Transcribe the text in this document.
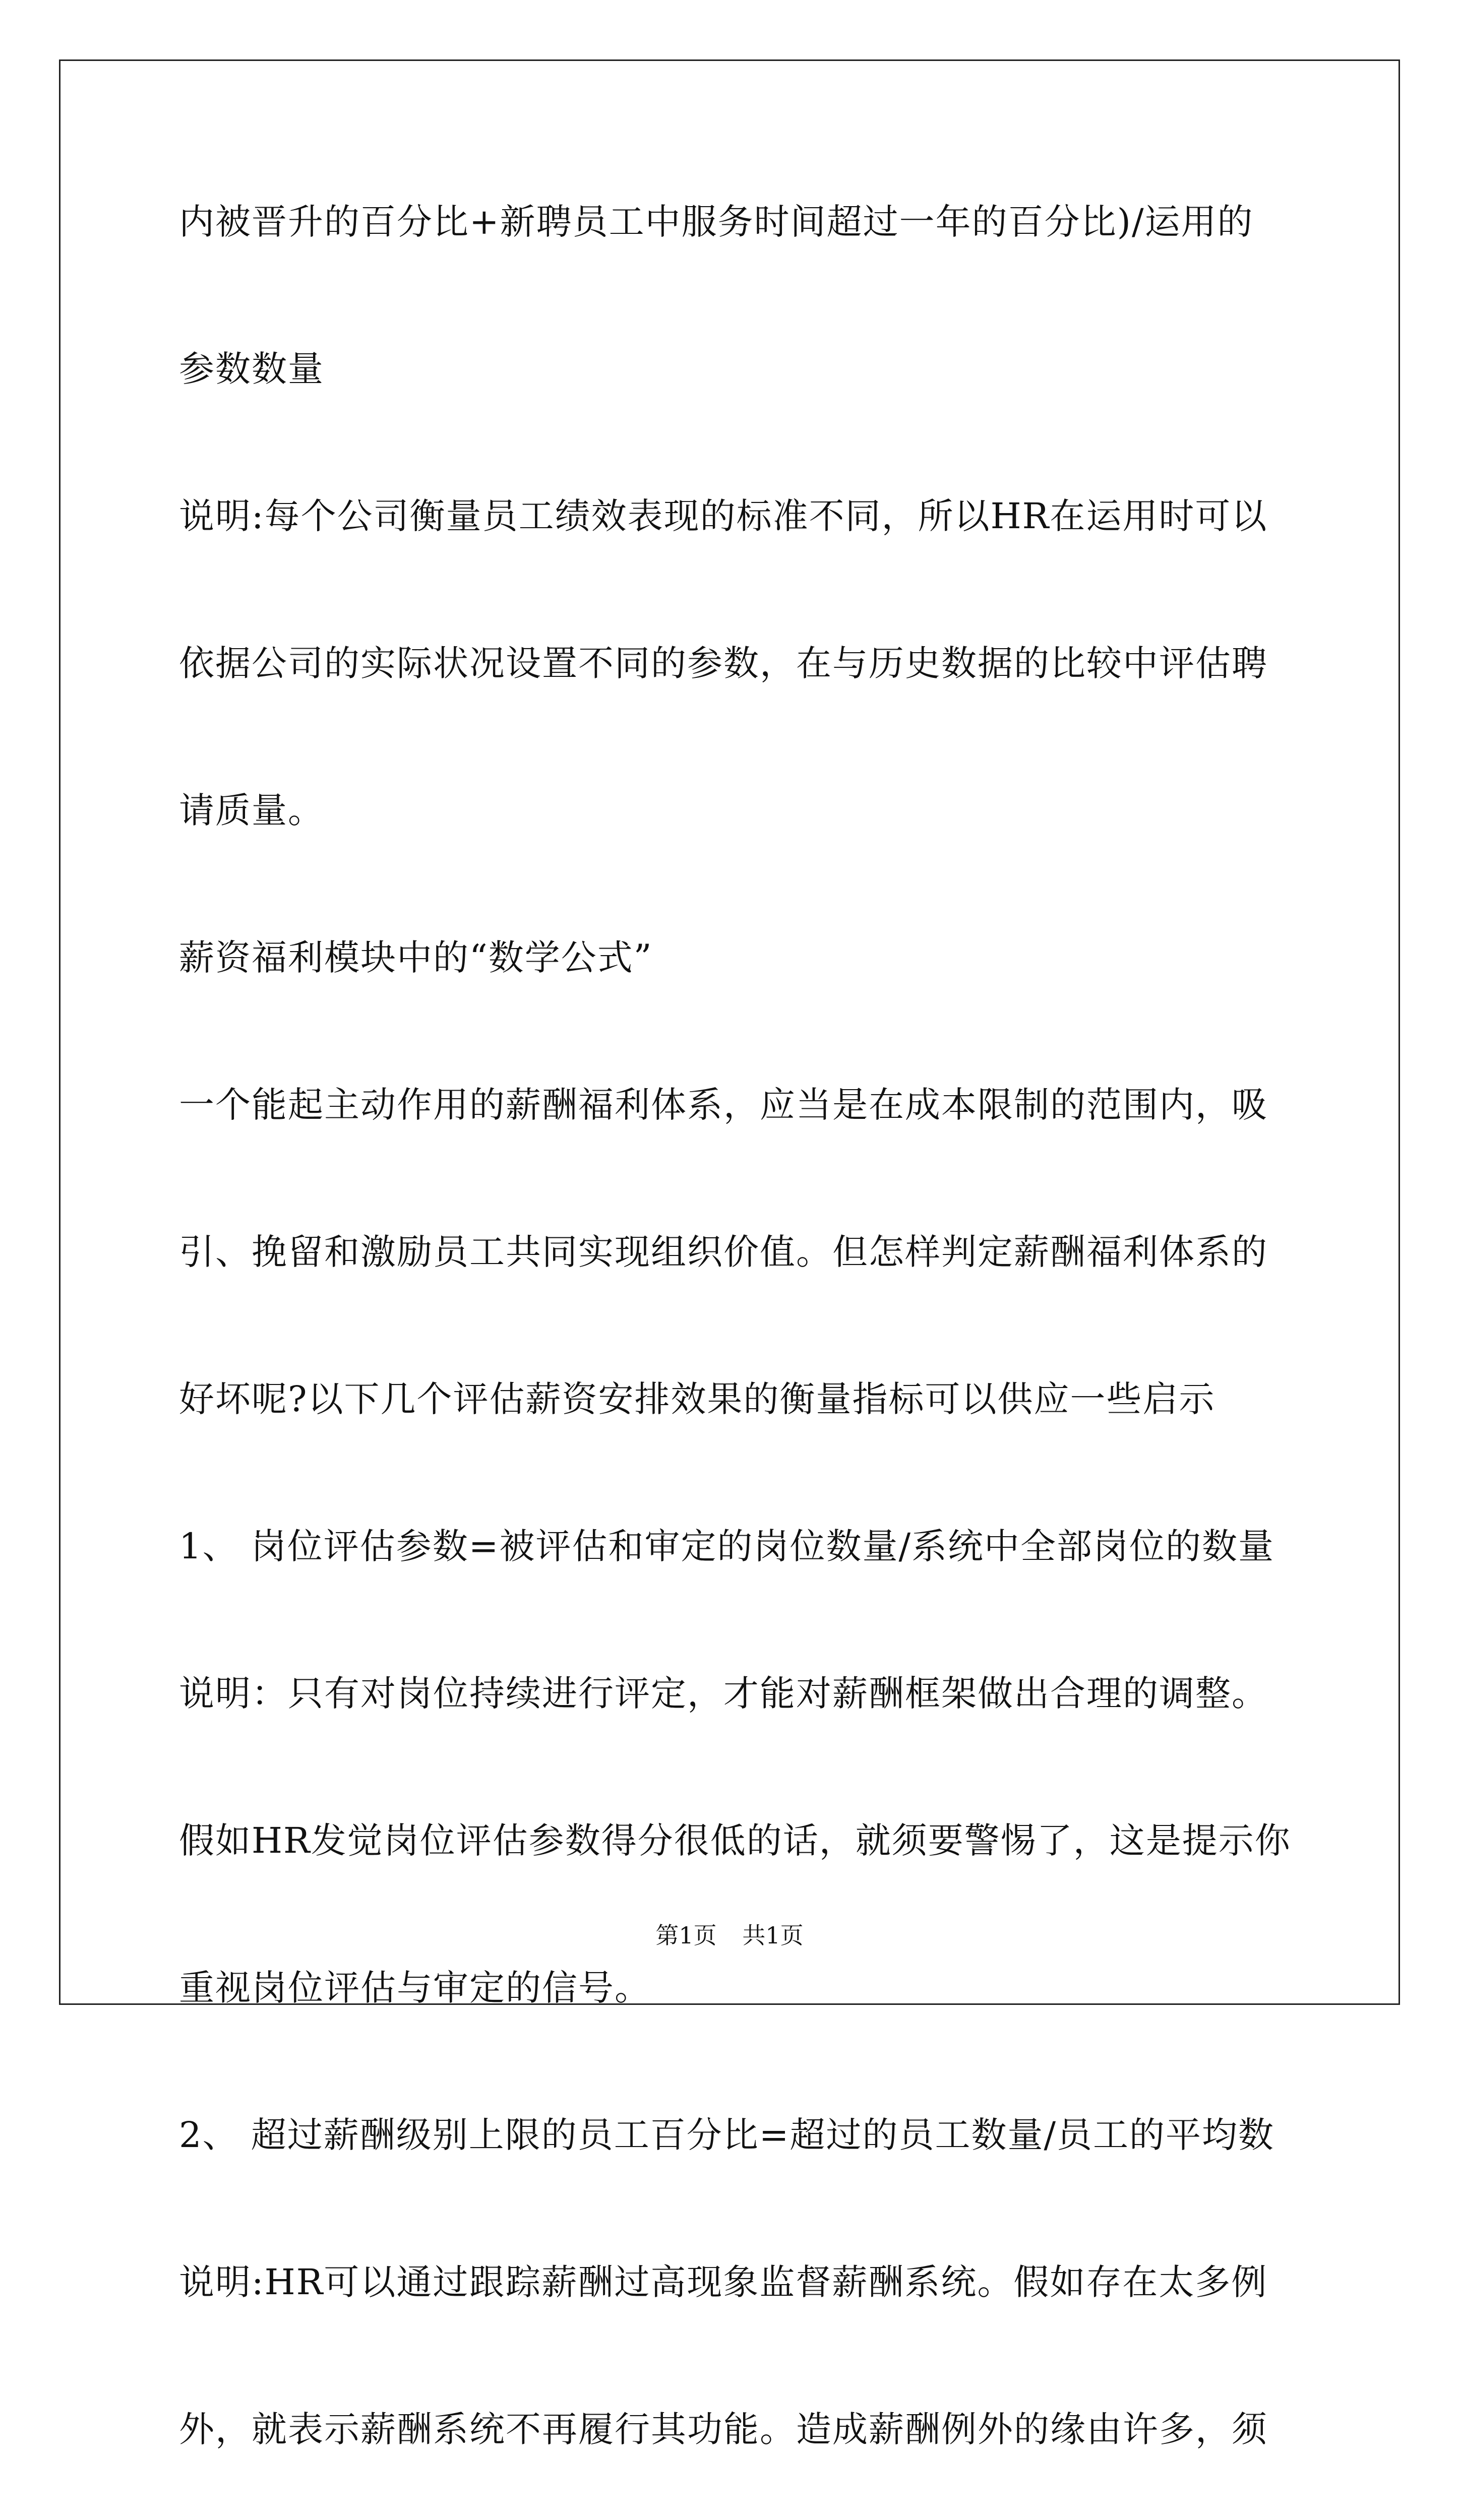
内被晋升的百分比+新聘员工中服务时间超过一年的百分比)/运用的

参数数量

说明:每个公司衡量员工绩效表现的标准不同，所以HR在运用时可以

依据公司的实际状况设置不同的参数，在与历史数据的比较中评估聘

请质量。

薪资福利模块中的“数学公式”

一个能起主动作用的薪酬福利体系，应当是在成本限制的范围内，吸

引、挽留和激励员工共同实现组织价值。但怎样判定薪酬福利体系的

好坏呢?以下几个评估薪资安排效果的衡量指标可以供应一些启示

1、 岗位评估参数=被评估和审定的岗位数量/系统中全部岗位的数量

说明：只有对岗位持续进行评定，才能对薪酬框架做出合理的调整。

假如HR发觉岗位评估参数得分很低的话，就须要警惕了，这是提示你

重视岗位评估与审定的信号。

2、 超过薪酬级别上限的员工百分比=超过的员工数量/员工的平均数

说明:HR可以通过跟踪薪酬过高现象监督薪酬系统。假如存在太多例

外，就表示薪酬系统不再履行其功能。造成薪酬例外的缘由许多，须

第1页 共1页
